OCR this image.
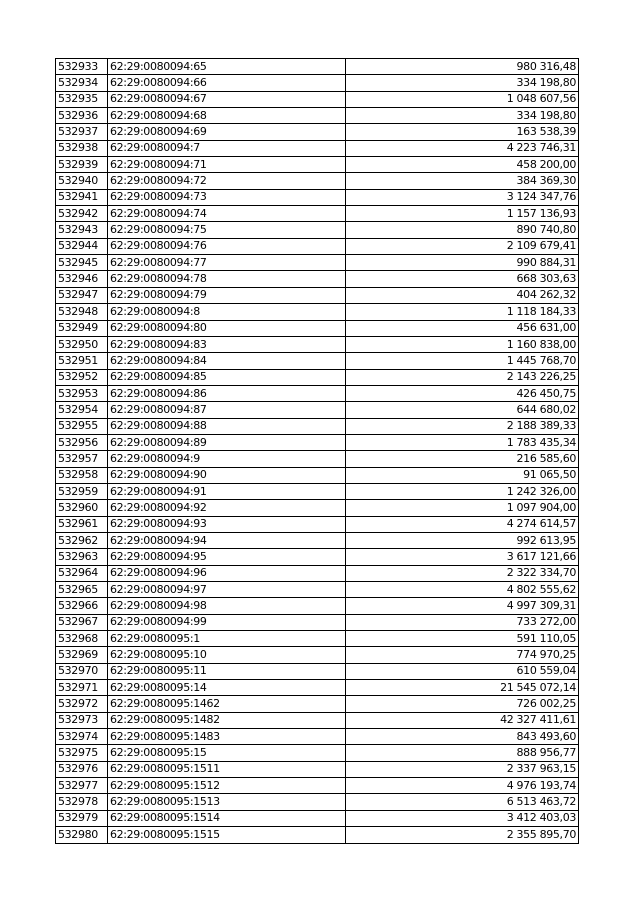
532933	62:29:0080094:65	980 316,48
532934	62:29:0080094:66	334 198,80
532935	62:29:0080094:67	1 048 607,56
532936	62:29:0080094:68	334 198,80
532937	62:29:0080094:69	163 538,39
532938	62:29:0080094:7	4 223 746,31
532939	62:29:0080094:71	458 200,00
532940	62:29:0080094:72	384 369,30
532941	62:29:0080094:73	3 124 347,76
532942	62:29:0080094:74	1 157 136,93
532943	62:29:0080094:75	890 740,80
532944	62:29:0080094:76	2 109 679,41
532945	62:29:0080094:77	990 884,31
532946	62:29:0080094:78	668 303,63
532947	62:29:0080094:79	404 262,32
532948	62:29:0080094:8	1 118 184,33
532949	62:29:0080094:80	456 631,00
532950	62:29:0080094:83	1 160 838,00
532951	62:29:0080094:84	1 445 768,70
532952	62:29:0080094:85	2 143 226,25
532953	62:29:0080094:86	426 450,75
532954	62:29:0080094:87	644 680,02
532955	62:29:0080094:88	2 188 389,33
532956	62:29:0080094:89	1 783 435,34
532957	62:29:0080094:9	216 585,60
532958	62:29:0080094:90	91 065,50
532959	62:29:0080094:91	1 242 326,00
532960	62:29:0080094:92	1 097 904,00
532961	62:29:0080094:93	4 274 614,57
532962	62:29:0080094:94	992 613,95
532963	62:29:0080094:95	3 617 121,66
532964	62:29:0080094:96	2 322 334,70
532965	62:29:0080094:97	4 802 555,62
532966	62:29:0080094:98	4 997 309,31
532967	62:29:0080094:99	733 272,00
532968	62:29:0080095:1	591 110,05
532969	62:29:0080095:10	774 970,25
532970	62:29:0080095:11	610 559,04
532971	62:29:0080095:14	21 545 072,14
532972	62:29:0080095:1462	726 002,25
532973	62:29:0080095:1482	42 327 411,61
532974	62:29:0080095:1483	843 493,60
532975	62:29:0080095:15	888 956,77
532976	62:29:0080095:1511	2 337 963,15
532977	62:29:0080095:1512	4 976 193,74
532978	62:29:0080095:1513	6 513 463,72
532979	62:29:0080095:1514	3 412 403,03
532980	62:29:0080095:1515	2 355 895,70
